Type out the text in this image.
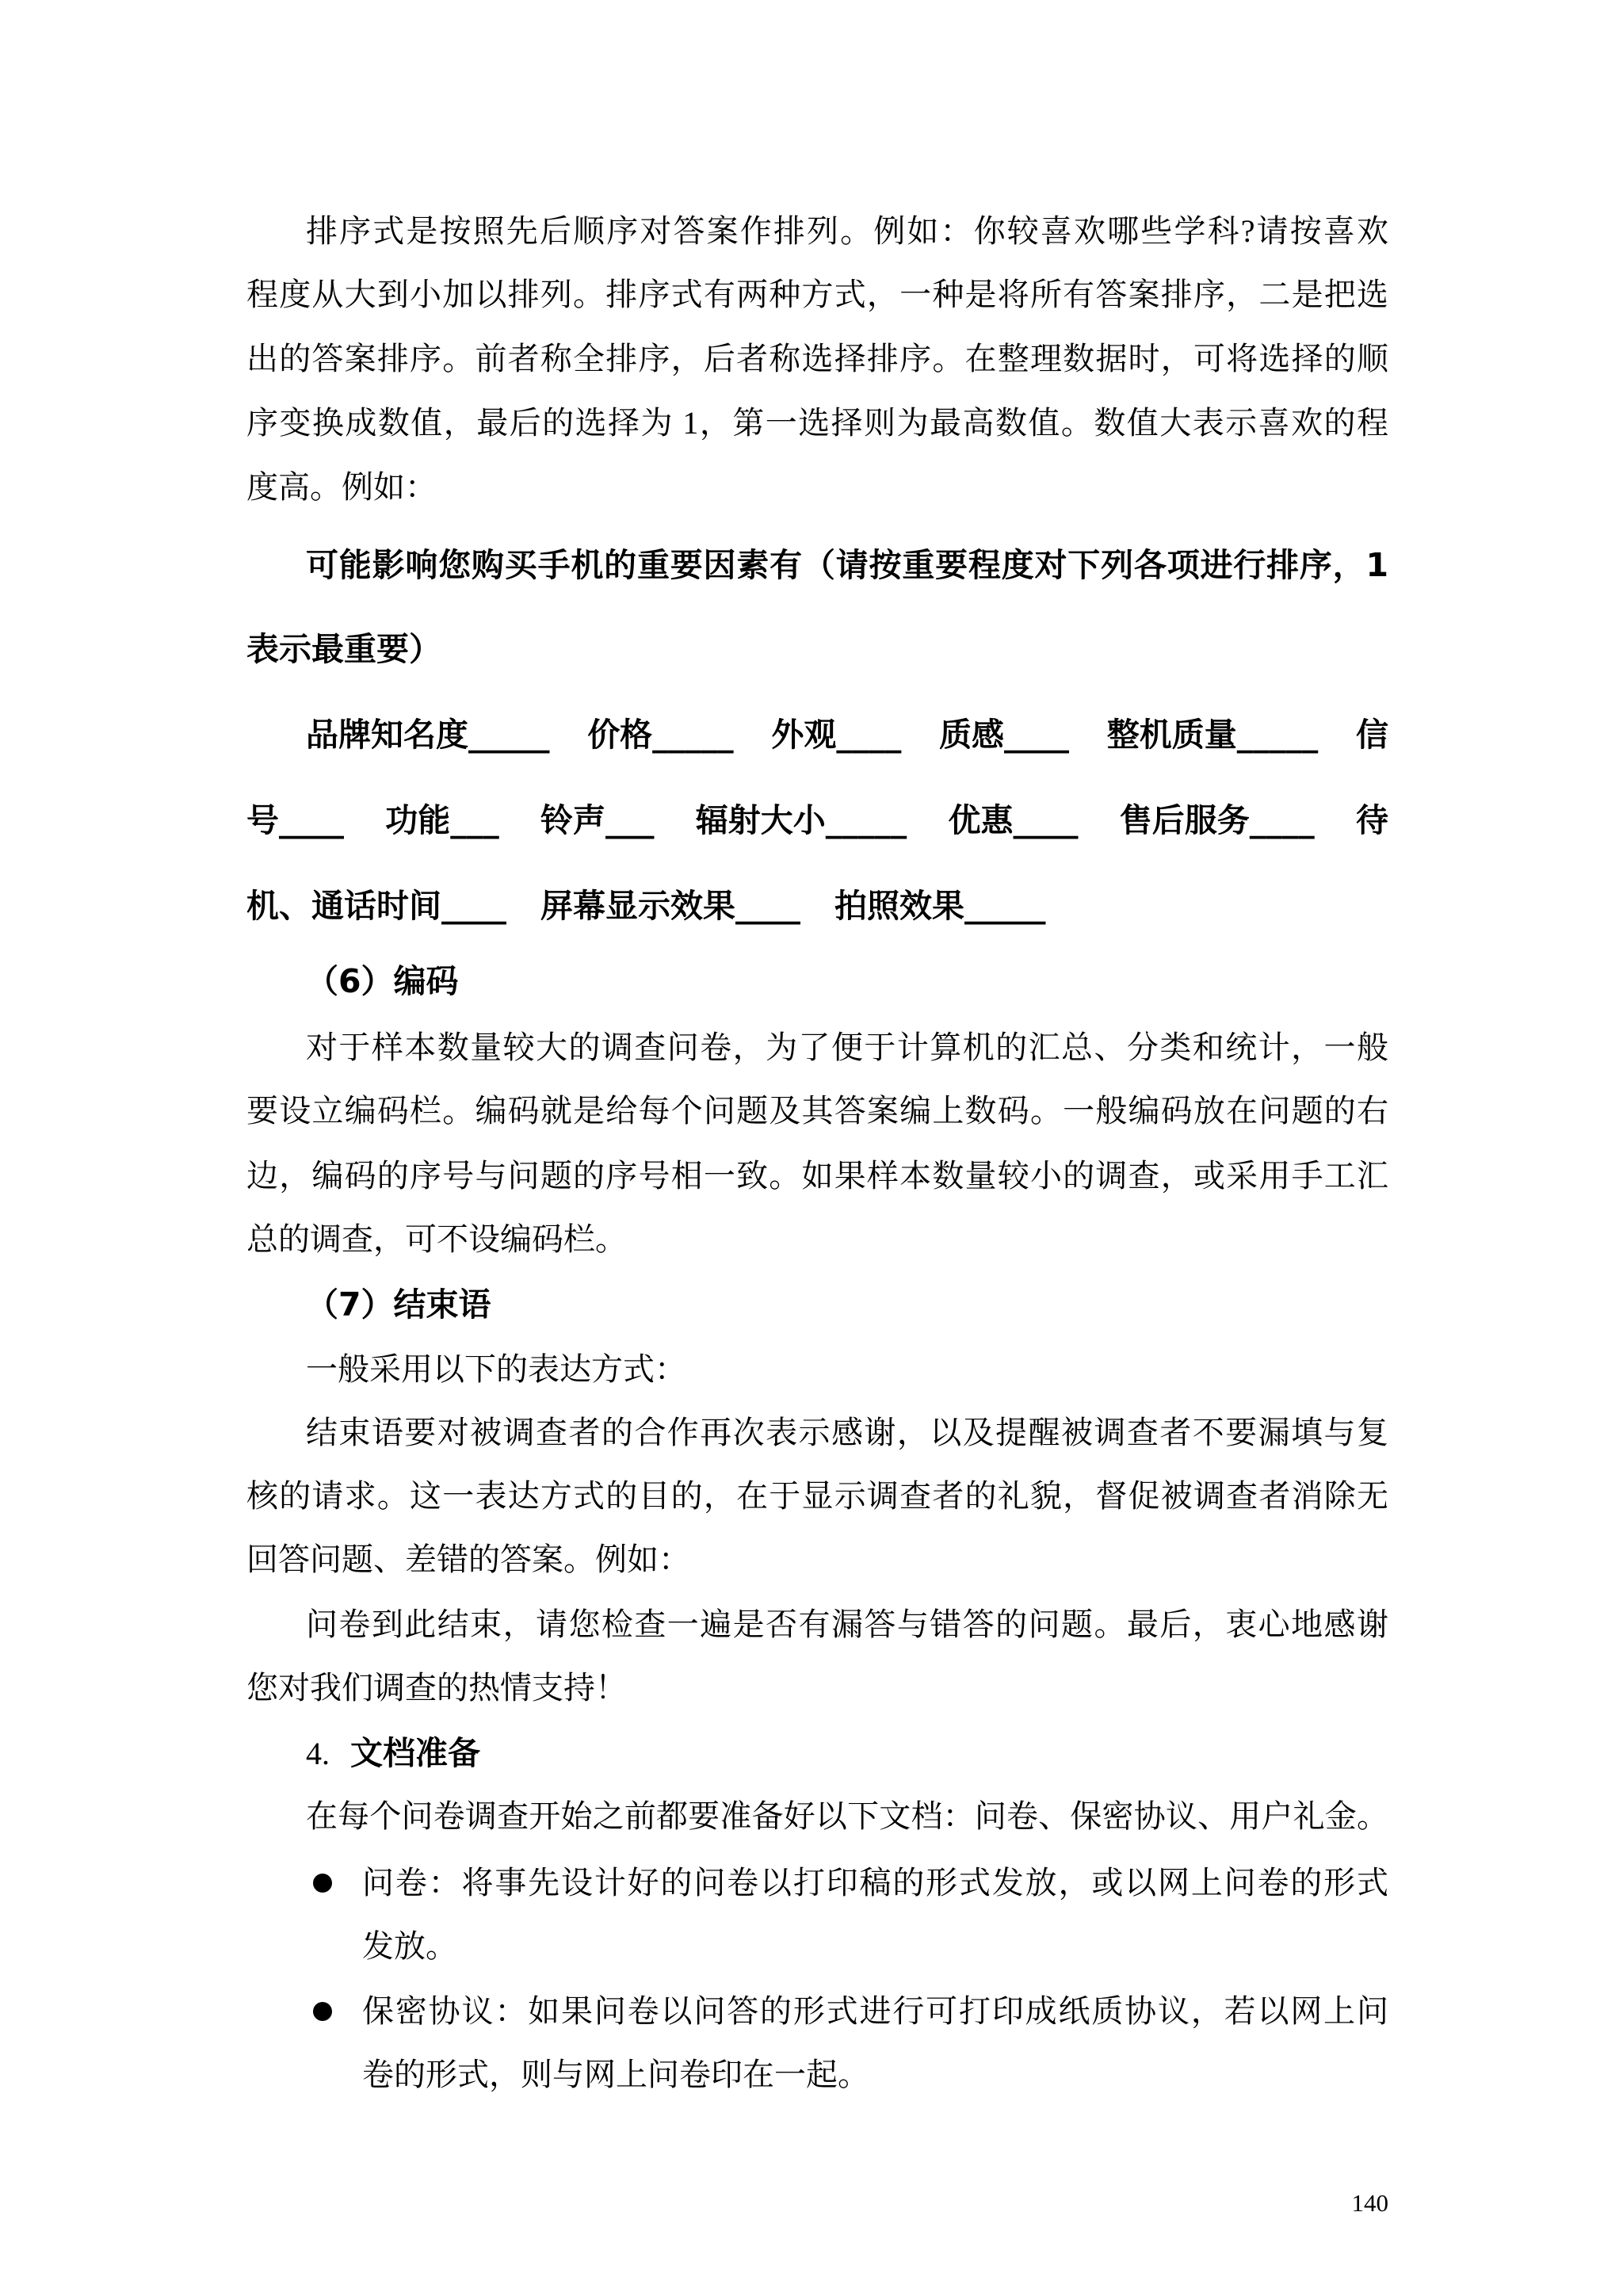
排序式是按照先后顺序对答案作排列。例如：你较喜欢哪些学科?请按喜欢
程度从大到小加以排列。排序式有两种方式，一种是将所有答案排序，二是把选
出的答案排序。前者称全排序，后者称选择排序。在整理数据时，可将选择的顺
序变换成数值，最后的选择为 1，第一选择则为最高数值。数值大表示喜欢的程
度高。例如：
可能影响您购买手机的重要因素有（请按重要程度对下列各项进行排序，1
表示最重要）
品牌知名度_____ 价格_____ 外观____ 质感____ 整机质量_____ 信
号____ 功能___ 铃声___ 辐射大小_____ 优惠____ 售后服务____ 待
机、通话时间____ 屏幕显示效果____ 拍照效果_____
（6）编码
对于样本数量较大的调查问卷，为了便于计算机的汇总、分类和统计，一般
要设立编码栏。编码就是给每个问题及其答案编上数码。一般编码放在问题的右
边，编码的序号与问题的序号相一致。如果样本数量较小的调查，或采用手工汇
总的调查，可不设编码栏。
（7）结束语
一般采用以下的表达方式：
结束语要对被调查者的合作再次表示感谢，以及提醒被调查者不要漏填与复
核的请求。这一表达方式的目的，在于显示调查者的礼貌，督促被调查者消除无
回答问题、差错的答案。例如：
问卷到此结束，请您检查一遍是否有漏答与错答的问题。最后，衷心地感谢
您对我们调查的热情支持！
4. 文档准备
在每个问卷调查开始之前都要准备好以下文档：问卷、保密协议、用户礼金。
问卷：将事先设计好的问卷以打印稿的形式发放，或以网上问卷的形式
发放。
保密协议：如果问卷以问答的形式进行可打印成纸质协议，若以网上问
卷的形式，则与网上问卷印在一起。
140
